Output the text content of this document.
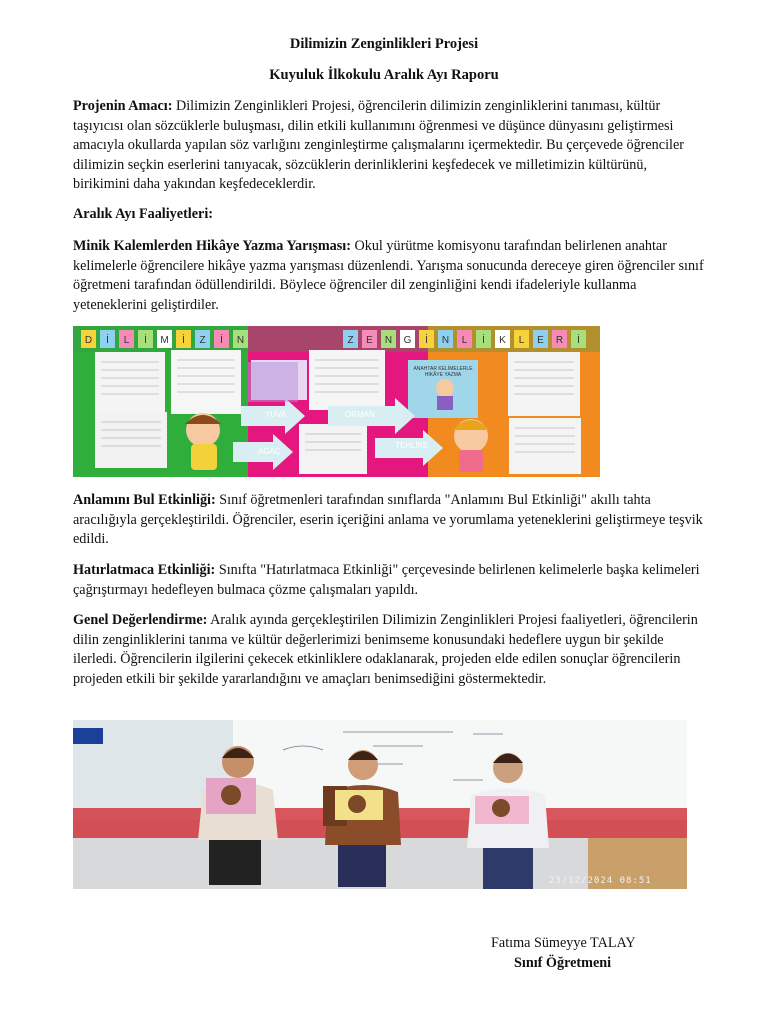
Dilimizin Zenginlikleri Projesi
Kuyuluk İlkokulu Aralık Ayı Raporu
Projenin Amacı: Dilimizin Zenginlikleri Projesi, öğrencilerin dilimizin zenginliklerini tanıması, kültür taşıyıcısı olan sözcüklerle buluşması, dilin etkili kullanımını öğrenmesi ve düşünce dünyasını geliştirmesi amacıyla okullarda yapılan söz varlığını zenginleştirme çalışmalarını içermektedir. Bu çerçevede öğrenciler dilimizin seçkin eserlerini tanıyacak, sözcüklerin derinliklerini keşfedecek ve milletimizin kültürünü, birikimini daha yakından keşfedeceklerdir.
Aralık Ayı Faaliyetleri:
Minik Kalemlerden Hikâye Yazma Yarışması: Okul yürütme komisyonu tarafından belirlenen anahtar kelimelerle öğrencilere hikâye yazma yarışması düzenlendi. Yarışma sonucunda dereceye giren öğrenciler sınıf öğretmeni tarafından ödüllendirildi. Böylece öğrenciler dil zenginliğini kendi ifadeleriyle kullanma yeteneklerini geliştirdiler.
D İ L İ M İ Z İ N	Z E N G İ N L İ K L E R İ
YUVA	ORMAN
AĞAÇ
TEHLİKE
ANAHTAR KELİMELERLE HİKÂYE YAZMA
Anlamını Bul Etkinliği: Sınıf öğretmenleri tarafından sınıflarda "Anlamını Bul Etkinliği" akıllı tahta aracılığıyla gerçekleştirildi. Öğrenciler, eserin içeriğini anlama ve yorumlama yeteneklerini geliştirmeye teşvik edildi.
Hatırlatmaca Etkinliği: Sınıfta "Hatırlatmaca Etkinliği" çerçevesinde belirlenen kelimelerle başka kelimeleri çağrıştırmayı hedefleyen bulmaca çözme çalışmaları yapıldı.
Genel Değerlendirme: Aralık ayında gerçekleştirilen Dilimizin Zenginlikleri Projesi faaliyetleri, öğrencilerin dilin zenginliklerini tanıma ve kültür değerlerimizi benimseme konusundaki hedeflere uygun bir şekilde ilerledi. Öğrencilerin ilgilerini çekecek etkinliklere odaklanarak, projeden elde edilen sonuçlar öğrencilerin projeden etkili bir şekilde yararlandığını ve amaçları benimsediğini göstermektedir.
23/12/2024 08:51
Fatıma Sümeyye TALAY
Sınıf Öğretmeni
